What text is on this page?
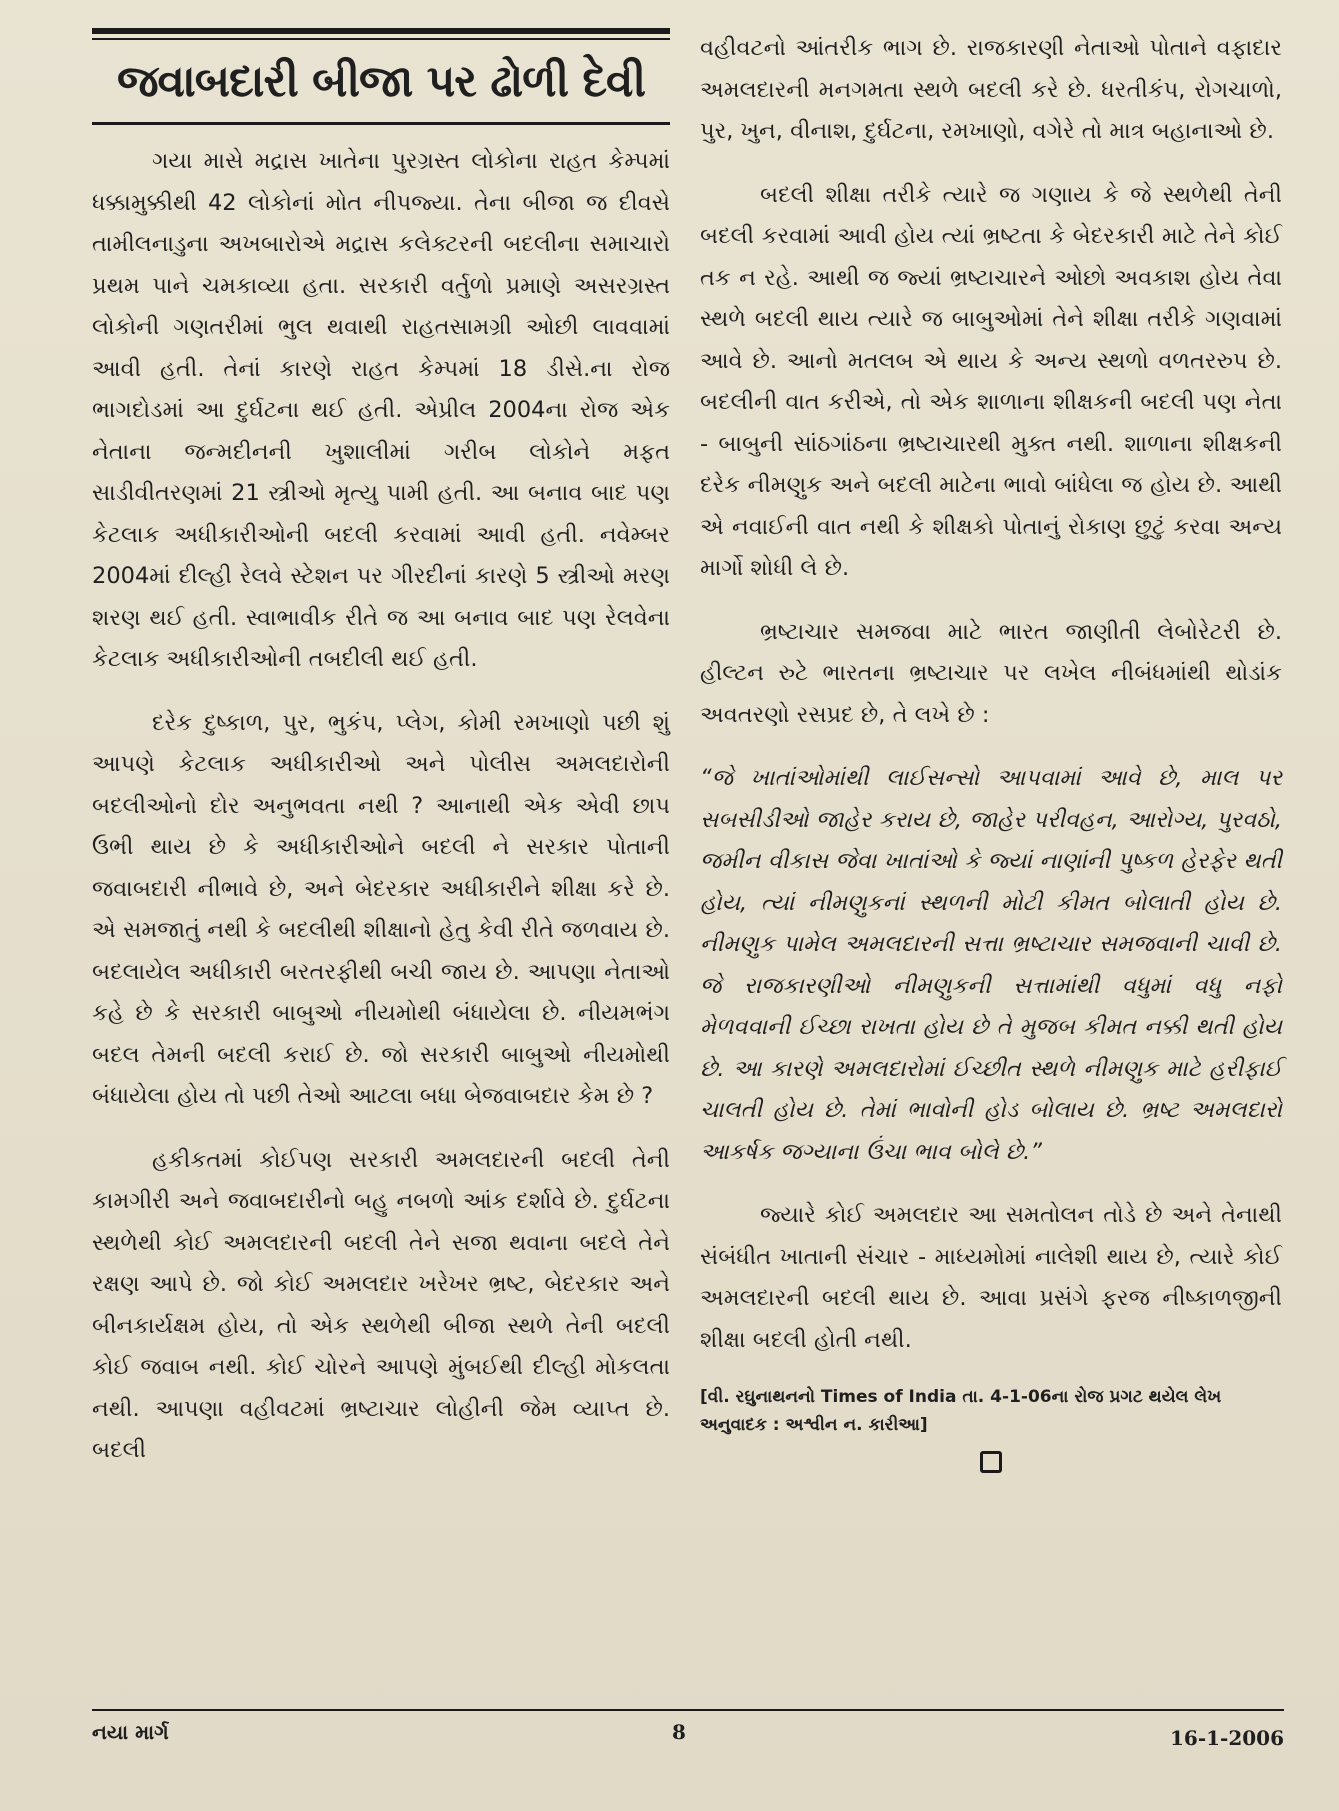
જવાબદારી બીજા પર ઢોળી દેવી

ગયા માસે મદ્રાસ ખાતેના પુરગ્રસ્ત લોકોના રાહત કેમ્પમાં ધક્કામુક્કીથી 42 લોકોનાં મોત નીપજ્યા. તેના બીજા જ દીવસે તામીલનાડુના અખબારોએ મદ્રાસ કલેક્ટરની બદલીના સમાચારો પ્રથમ પાને ચમકાવ્યા હતા. સરકારી વર્તુળો પ્રમાણે અસરગ્રસ્ત લોકોની ગણતરીમાં ભુલ થવાથી રાહતસામગ્રી ઓછી લાવવામાં આવી હતી. તેનાં કારણે રાહત કેમ્પમાં 18 ડીસે.ના રોજ ભાગદોડમાં આ દુર્ઘટના થઈ હતી. એપ્રીલ 2004ના રોજ એક નેતાના જન્મદીનની ખુશાલીમાં ગરીબ લોકોને મફત સાડીવીતરણમાં 21 સ્ત્રીઓ મૃત્યુ પામી હતી. આ બનાવ બાદ પણ કેટલાક અધીકારીઓની બદલી કરવામાં આવી હતી. નવેમ્બર 2004માં દીલ્હી રેલવે સ્ટેશન પર ગીરદીનાં કારણે 5 સ્ત્રીઓ મરણ શરણ થઈ હતી. સ્વાભાવીક રીતે જ આ બનાવ બાદ પણ રેલવેના કેટલાક અધીકારીઓની તબદીલી થઈ હતી.

દરેક દુષ્કાળ, પુર, ભુકંપ, પ્લેગ, કોમી રમખાણો પછી શું આપણે કેટલાક અધીકારીઓ અને પોલીસ અમલદારોની બદલીઓનો દોર અનુભવતા નથી ? આનાથી એક એવી છાપ ઉભી થાય છે કે અધીકારીઓને બદલી ને સરકાર પોતાની જવાબદારી નીભાવે છે, અને બેદરકાર અધીકારીને શીક્ષા કરે છે. એ સમજાતું નથી કે બદલીથી શીક્ષાનો હેતુ કેવી રીતે જળવાય છે. બદલાયેલ અધીકારી બરતરફીથી બચી જાય છે. આપણા નેતાઓ કહે છે કે સરકારી બાબુઓ નીયમોથી બંધાયેલા છે. નીયમભંગ બદલ તેમની બદલી કરાઈ છે. જો સરકારી બાબુઓ નીયમોથી બંધાયેલા હોય તો પછી તેઓ આટલા બધા બેજવાબદાર કેમ છે ?

હકીકતમાં કોઈપણ સરકારી અમલદારની બદલી તેની કામગીરી અને જવાબદારીનો બહુ નબળો આંક દર્શાવે છે. દુર્ઘટના સ્થળેથી કોઈ અમલદારની બદલી તેને સજા થવાના બદલે તેને રક્ષણ આપે છે. જો કોઈ અમલદાર ખરેખર ભ્રષ્ટ, બેદરકાર અને બીનકાર્યક્ષમ હોય, તો એક સ્થળેથી બીજા સ્થળે તેની બદલી કોઈ જવાબ નથી. કોઈ ચોરને આપણે મુંબઈથી દીલ્હી મોકલતા નથી. આપણા વહીવટમાં ભ્રષ્ટાચાર લોહીની જેમ વ્યાપ્ત છે. બદલી

વહીવટનો આંતરીક ભાગ છે. રાજકારણી નેતાઓ પોતાને વફાદાર અમલદારની મનગમતા સ્થળે બદલી કરે છે. ધરતીકંપ, રોગચાળો, પુર, ખુન, વીનાશ, દુર્ઘટના, રમખાણો, વગેરે તો માત્ર બહાનાઓ છે.

બદલી શીક્ષા તરીકે ત્યારે જ ગણાય કે જે સ્થળેથી તેની બદલી કરવામાં આવી હોય ત્યાં ભ્રષ્ટતા કે બેદરકારી માટે તેને કોઈ તક ન રહે. આથી જ જ્યાં ભ્રષ્ટાચારને ઓછો અવકાશ હોય તેવા સ્થળે બદલી થાય ત્યારે જ બાબુઓમાં તેને શીક્ષા તરીકે ગણવામાં આવે છે. આનો મતલબ એ થાય કે અન્ય સ્થળો વળતરરુપ છે. બદલીની વાત કરીએ, તો એક શાળાના શીક્ષકની બદલી પણ નેતા - બાબુની સાંઠગાંઠના ભ્રષ્ટાચારથી મુક્ત નથી. શાળાના શીક્ષકની દરેક નીમણુક અને બદલી માટેના ભાવો બાંધેલા જ હોય છે. આથી એ નવાઈની વાત નથી કે શીક્ષકો પોતાનું રોકાણ છુટું કરવા અન્ય માર્ગો શોધી લે છે.

ભ્રષ્ટાચાર સમજવા માટે ભારત જાણીતી લેબોરેટરી છે. હીલ્ટન રુટે ભારતના ભ્રષ્ટાચાર પર લખેલ નીબંધમાંથી થોડાંક અવતરણો રસપ્રદ છે, તે લખે છે :

“જે ખાતાંઓમાંથી લાઈસન્સો આપવામાં આવે છે, માલ પર સબસીડીઓ જાહેર કરાય છે, જાહેર પરીવહન, આરોગ્ય, પુરવઠો, જમીન વીકાસ જેવા ખાતાંઓ કે જ્યાં નાણાંની પુષ્કળ હેરફેર થતી હોય, ત્યાં નીમણુકનાં સ્થળની મોટી કીમત બોલાતી હોય છે. નીમણુક પામેલ અમલદારની સત્તા ભ્રષ્ટાચાર સમજવાની ચાવી છે. જે રાજકારણીઓ નીમણુકની સત્તામાંથી વધુમાં વધુ નફો મેળવવાની ઈચ્છા રાખતા હોય છે તે મુજબ કીમત નક્કી થતી હોય છે. આ કારણે અમલદારોમાં ઈચ્છીત સ્થળે નીમણુક માટે હરીફાઈ ચાલતી હોય છે. તેમાં ભાવોની હોડ બોલાય છે. ભ્રષ્ટ અમલદારો આકર્ષક જગ્યાના ઉંચા ભાવ બોલે છે.”

જ્યારે કોઈ અમલદાર આ સમતોલન તોડે છે અને તેનાથી સંબંધીત ખાતાની સંચાર - માધ્યમોમાં નાલેશી થાય છે, ત્યારે કોઈ અમલદારની બદલી થાય છે. આવા પ્રસંગે ફરજ નીષ્કાળજીની શીક્ષા બદલી હોતી નથી.

[વી. રઘુનાથનનો Times of India તા. 4-1-06ના રોજ પ્રગટ થયેલ લેખ અનુવાદક : અશ્વીન ન. કારીઆ]

નયા માર્ગ	8	16-1-2006
